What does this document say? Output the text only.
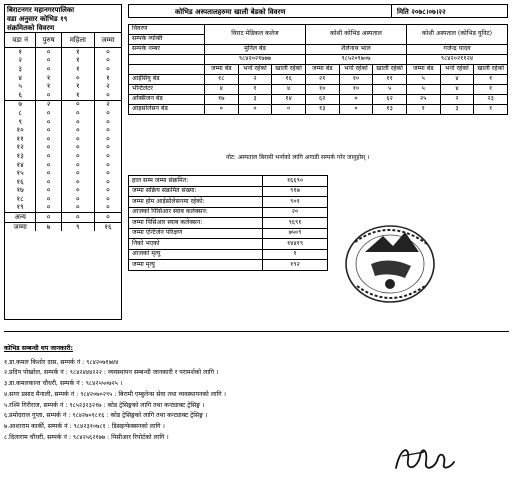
बिराटनगर महानगरपालिका
वडा अनुसार कोभिड १९
संक्रमितको विवरण
वडा नं	पुरुष	महिला	जम्मा
१	०	१	०
२	०	१	०
३	०	१	०
४	१	०	१
५	१	१	२
६	०	१	०
७	२	०	२
८	०	०	०
९	०	०	०
१०	०	०	०
११	०	०	०
१२	०	०	०
१३	०	०	०
१४	०	०	०
१५	०	०	०
१६	०	०	०
१७	०	०	०
१८	०	०	०
१९	०	०	०
अन्य	०	०	०
जम्मा	७	९	१६
कोभिड अस्पतालहरुमा खाली बेडको विवरण	मिति २०७८।०७।२२
विवरण	विराट मेडिकल कलेज			कोशी कोभिड अस्पताल			कोशी अस्पताल (कोभिड युनिट)		
सम्पर्क व्यक्ति									
सम्पर्क नम्बर	मुनिल बेड			शैलेनाथ भाल			गजेन्द्र यादव		
	९८४२०२१७७७			९८५२०९७०७			९८४२०२११२४		
	जम्मा बेड	भर्ना रहेको	खाली रहेको	जम्मा बेड	भर्ना रहेको	खाली रहेको	जम्मा बेड	भर्ना रहेको	खाली रहेको
आईसियु बेड	१८	२	१६	२१	१०	११	५	४	१
भेन्टिलेटर	४	१	४	१०	१०	५	५	४	१
अक्सिजन बेड	१७	३	१४	६२	०	६२	२५	२	२३
आइसोलेसन बेड	०	०	०	१३	०	१३	१	३	१
नोट: अस्पताल बिरामी भर्नाको लागि अगाडी सम्पर्क गरेर जानुहोस् ।
हाल सम्म जम्मा संक्रमित:	१६६९०
जम्मा सक्रिय संक्रमित संख्या:	९१७
जम्मा होम आईसोलेसनमा रहेको:	९०१
आजको पिसिआर स्वाब कलेक्सन:	२०
जम्मा पिसिआर स्वाब कलेक्सन:	९६९१
जम्मा एन्टिजेन परिक्षण	७५०९
निको भएको	१४४१९
आजको मृत्यु	१
जम्मा मृत्यु	१९२
कोभिड सम्बन्धी थप जानकारी:
१.डा.कमल किशोर दास, सम्पर्क नं : ९८४२०७१७४४
२.प्रदिप पोखरेल, सम्पर्क नं : ९८४२४४४२२२ : व्यवस्थापन सम्बन्धी जानकारी र परामर्शको लागि ।
३.डा.कमलकान्त चौधरी, सम्पर्क नं : ९८४२५५०७२५ ।
४.सगर प्रसाद मैनाली, सम्पर्क नं : ९८४२०७०२९५ : बिरामी एम्बुलेन्स सेवा तथा व्यवस्थापनको लागि ।
५.रश्मि गिरीराज, सम्पर्क नं : ९८५२३२३२१७ : कोड ट्रेसिङ्गको लागि तथा कन्ट्याक्ट ट्रेसिङ्ग ।
६.प्रमोदराज गुप्ता, सम्पर्क नं : ९८४२७०१८१६ : कोड ट्रेसिङ्गको लागि तथा कन्ट्याक्ट ट्रेसिङ्ग ।
७.आशाराम कार्की, सम्पर्क नं : ९८४२३१०७८१ : डिसइन्फेक्सनको लागि ।
८.दिलाराम चौधरी, सम्पर्क नं : ९८४२५६२१७७ : पिसीआर रिपोर्टको लागि ।
